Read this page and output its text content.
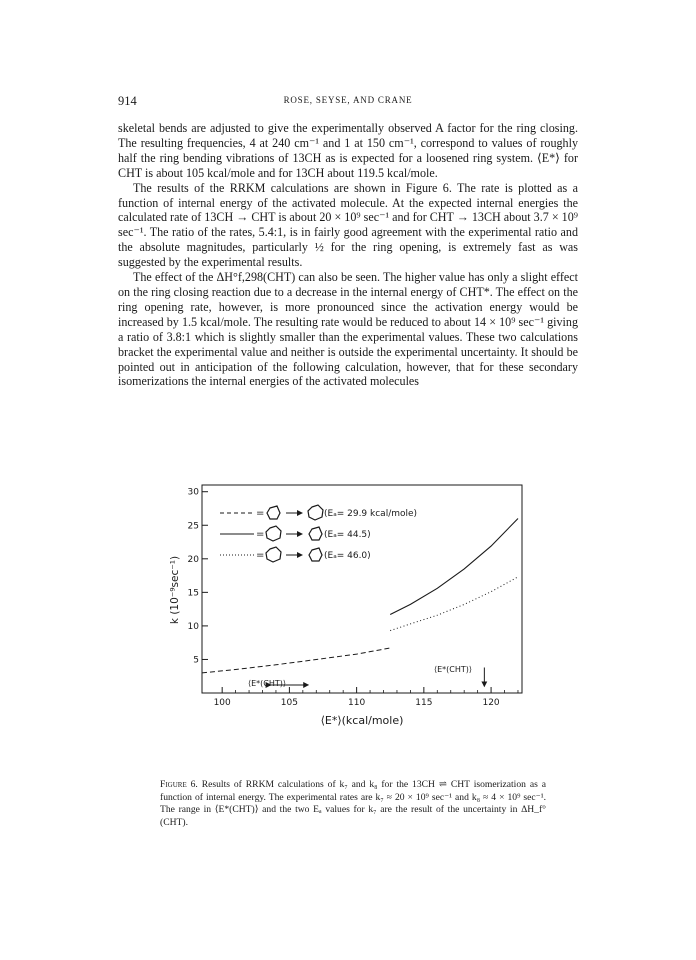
914	ROSE, SEYSE, AND CRANE

skeletal bends are adjusted to give the experimentally observed A factor for the ring closing. The resulting frequencies, 4 at 240 cm⁻¹ and 1 at 150 cm⁻¹, correspond to values of roughly half the ring bending vibrations of 13CH as is expected for a loosened ring system. ⟨E*⟩ for CHT is about 105 kcal/mole and for 13CH about 119.5 kcal/mole.

The results of the RRKM calculations are shown in Figure 6. The rate is plotted as a function of internal energy of the activated molecule. At the expected internal energies the calculated rate of 13CH → CHT is about 20 × 10⁹ sec⁻¹ and for CHT → 13CH about 3.7 × 10⁹ sec⁻¹. The ratio of the rates, 5.4:1, is in fairly good agreement with the experimental ratio and the absolute magnitudes, particularly ½ for the ring opening, is extremely fast as was suggested by the experimental results.

The effect of the ΔH°f,298(CHT) can also be seen. The higher value has only a slight effect on the ring closing reaction due to a decrease in the internal energy of CHT*. The effect on the ring opening rate, however, is more pronounced since the activation energy would be increased by 1.5 kcal/mole. The resulting rate would be reduced to about 14 × 10⁹ sec⁻¹ giving a ratio of 3.8:1 which is slightly smaller than the experimental values. These two calculations bracket the experimental value and neither is outside the experimental uncertainty. It should be pointed out in anticipation of the following calculation, however, that for these secondary isomerizations the internal energies of the activated molecules

100	105	110	115	120
5
10
15
20
25
30
=	(Eₐ= 29.9 kcal/mole)
=	(Eₐ= 44.5)
=	(Eₐ= 46.0)
⟨E*(CHT)⟩
⟨E*(CHT)⟩
k (10⁻⁹sec⁻¹)
⟨E*⟩(kcal/mole)

Figure 6. Results of RRKM calculations of k₇ and k₈ for the 13CH ⇌ CHT isomerization as a function of internal energy. The experimental rates are k₇ ≈ 20 × 10⁹ sec⁻¹ and k₈ ≈ 4 × 10⁹ sec⁻¹. The range in ⟨E*(CHT)⟩ and the two Eₐ values for k₇ are the result of the uncertainty in ΔH_f° (CHT).
